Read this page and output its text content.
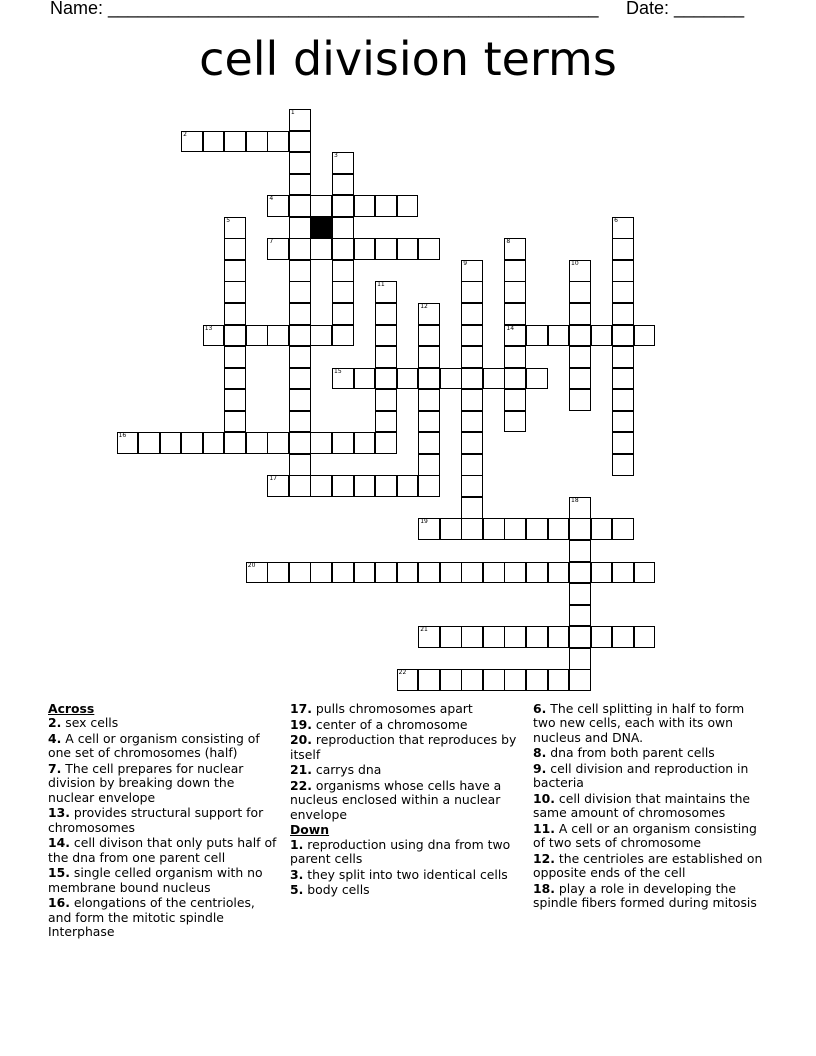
Name: _________________________________________________ Date: _______
cell division terms
2
4
7
13	14
15
16
17
19
20
21
22
1
3
5	6
8
9	10
11
12
18
Across
2. sex cells
4. A cell or organism consisting of one set of chromosomes (half)
7. The cell prepares for nuclear division by breaking down the nuclear envelope
13. provides structural support for chromosomes
14. cell divison that only puts half of the dna from one parent cell
15. single celled organism with no membrane bound nucleus
16. elongations of the centrioles, and form the mitotic spindle Interphase
17. pulls chromosomes apart
19. center of a chromosome
20. reproduction that reproduces by itself
21. carrys dna
22. organisms whose cells have a nucleus enclosed within a nuclear envelope
Down
1. reproduction using dna from two parent cells
3. they split into two identical cells
5. body cells
6. The cell splitting in half to form two new cells, each with its own nucleus and DNA.
8. dna from both parent cells
9. cell division and reproduction in bacteria
10. cell division that maintains the same amount of chromosomes
11. A cell or an organism consisting of two sets of chromosome
12. the centrioles are established on opposite ends of the cell
18. play a role in developing the spindle fibers formed during mitosis
